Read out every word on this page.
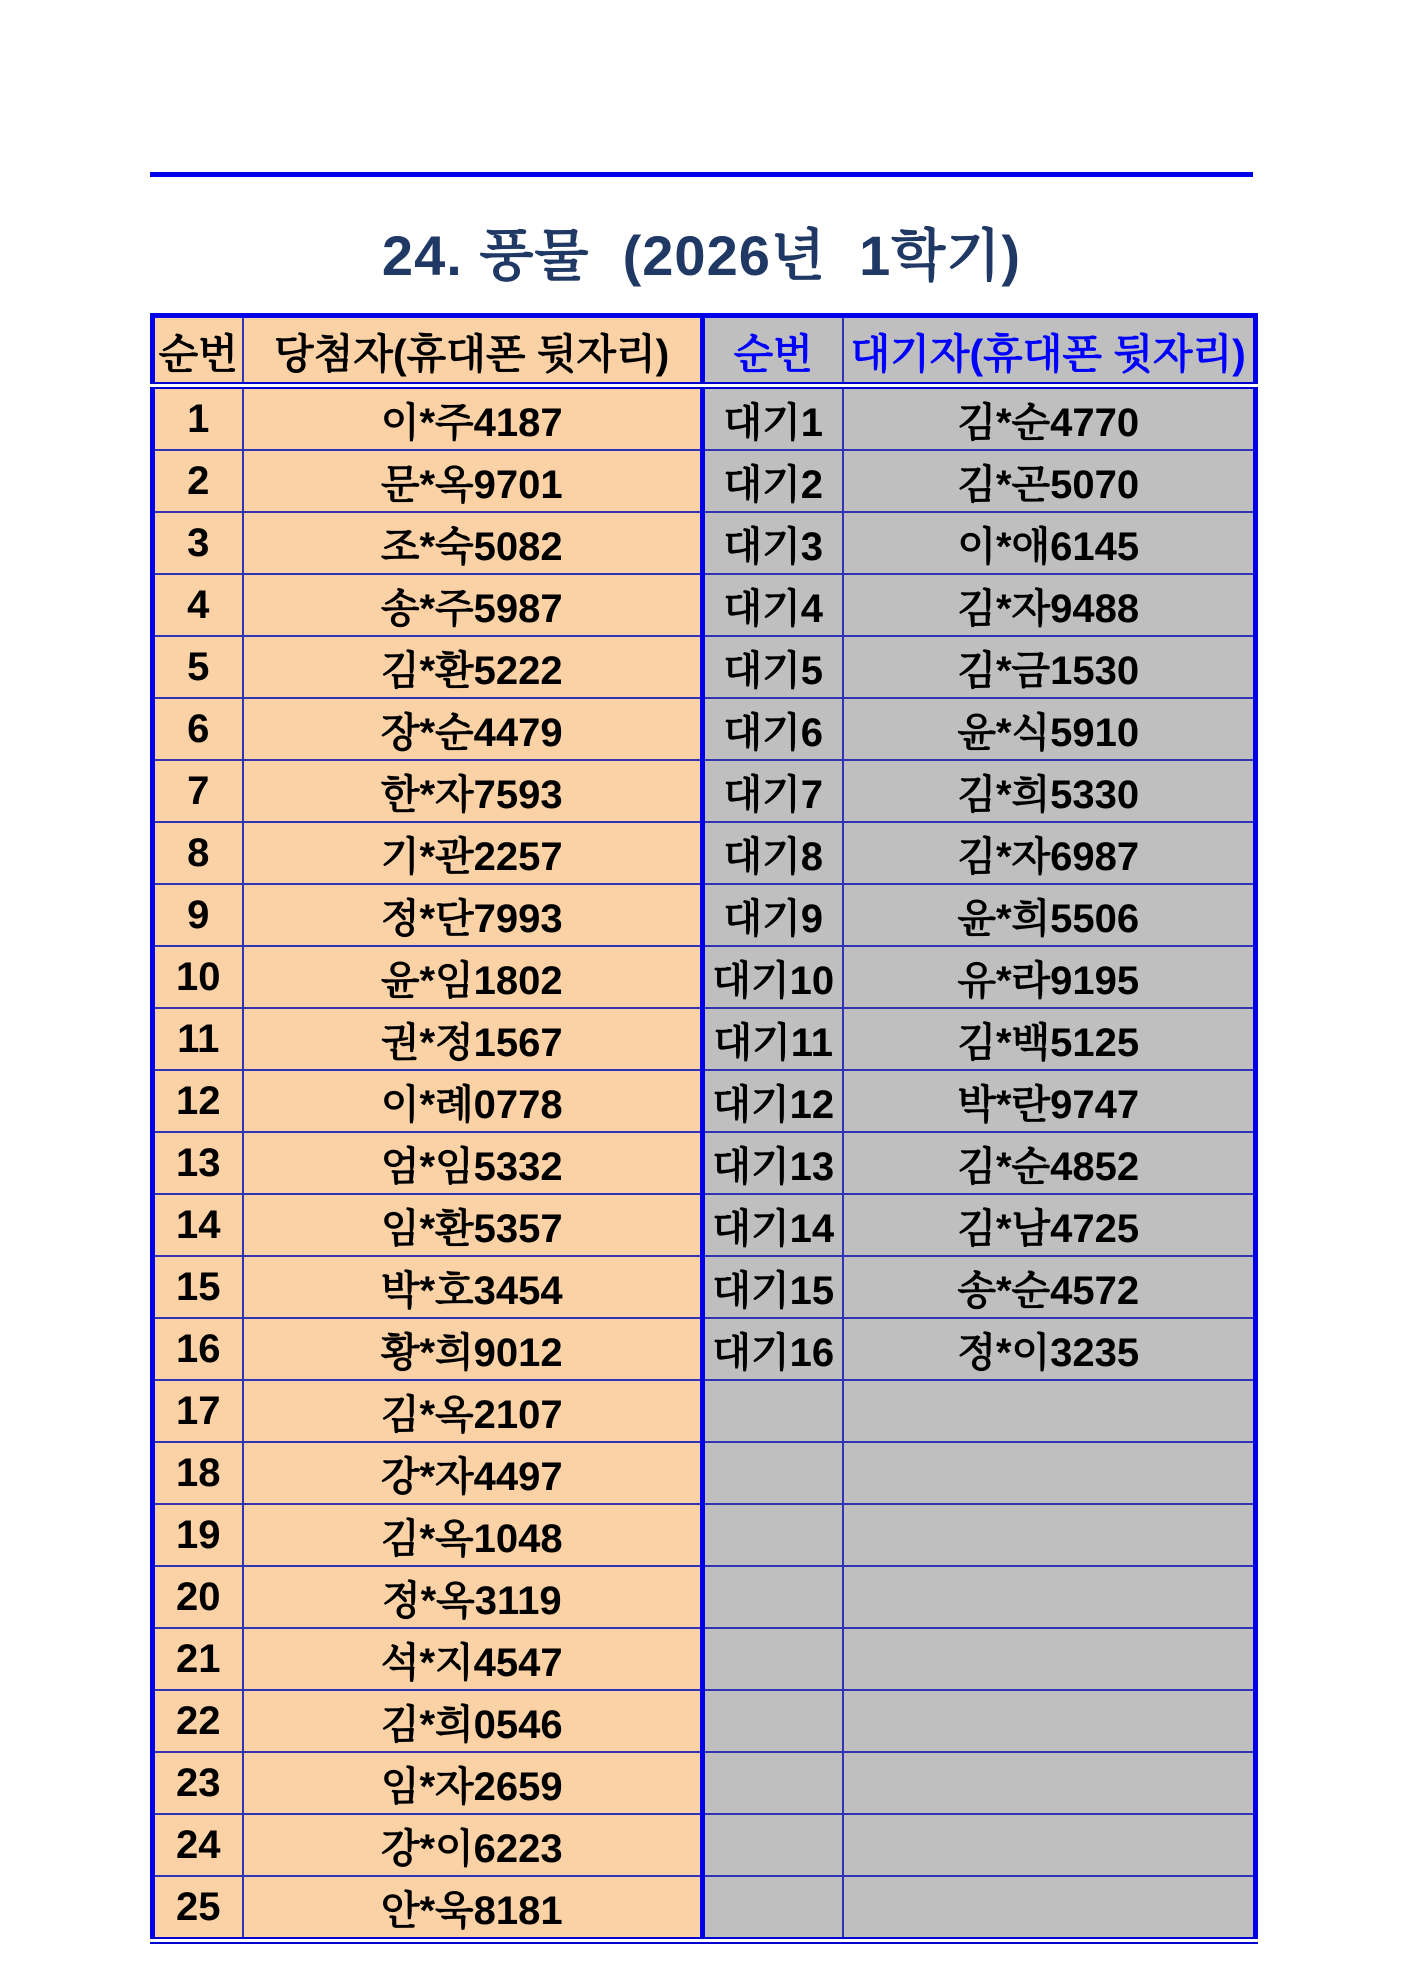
24. 풍물  (2026년  1학기)
순번	당첨자(휴대폰 뒷자리)	순번	대기자(휴대폰 뒷자리)
1	이*주4187	대기1	김*순4770
2	문*옥9701	대기2	김*곤5070
3	조*숙5082	대기3	이*애6145
4	송*주5987	대기4	김*자9488
5	김*환5222	대기5	김*금1530
6	장*순4479	대기6	윤*식5910
7	한*자7593	대기7	김*희5330
8	기*관2257	대기8	김*자6987
9	정*단7993	대기9	윤*희5506
10	윤*임1802	대기10	유*라9195
11	권*정1567	대기11	김*백5125
12	이*례0778	대기12	박*란9747
13	엄*임5332	대기13	김*순4852
14	임*환5357	대기14	김*남4725
15	박*호3454	대기15	송*순4572
16	황*희9012	대기16	정*이3235
17	김*옥2107		
18	강*자4497		
19	김*옥1048		
20	정*옥3119		
21	석*지4547		
22	김*희0546		
23	임*자2659		
24	강*이6223		
25	안*욱8181		
